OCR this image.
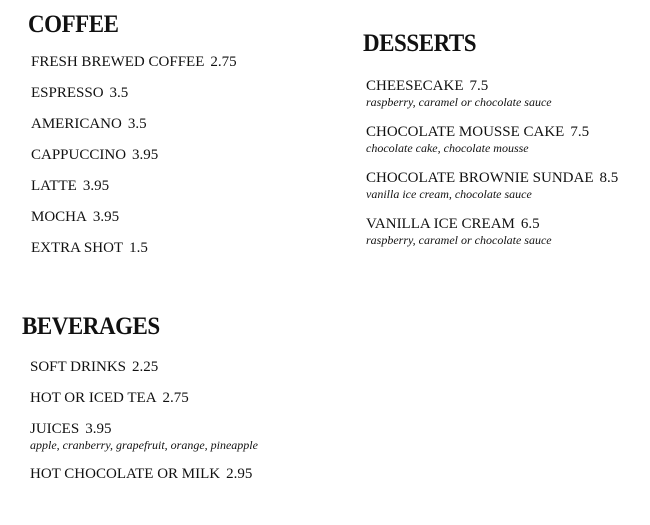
COFFEE
FRESH BREWED COFFEE 2.75
ESPRESSO 3.5
AMERICANO 3.5
CAPPUCCINO 3.95
LATTE 3.95
MOCHA 3.95
EXTRA SHOT 1.5
DESSERTS
CHEESECAKE 7.5
raspberry, caramel or chocolate sauce
CHOCOLATE MOUSSE CAKE 7.5
chocolate cake, chocolate mousse
CHOCOLATE BROWNIE SUNDAE 8.5
vanilla ice cream, chocolate sauce
VANILLA ICE CREAM 6.5
raspberry, caramel or chocolate sauce
BEVERAGES
SOFT DRINKS 2.25
HOT OR ICED TEA 2.75
JUICES 3.95
apple, cranberry, grapefruit, orange, pineapple
HOT CHOCOLATE OR MILK 2.95
